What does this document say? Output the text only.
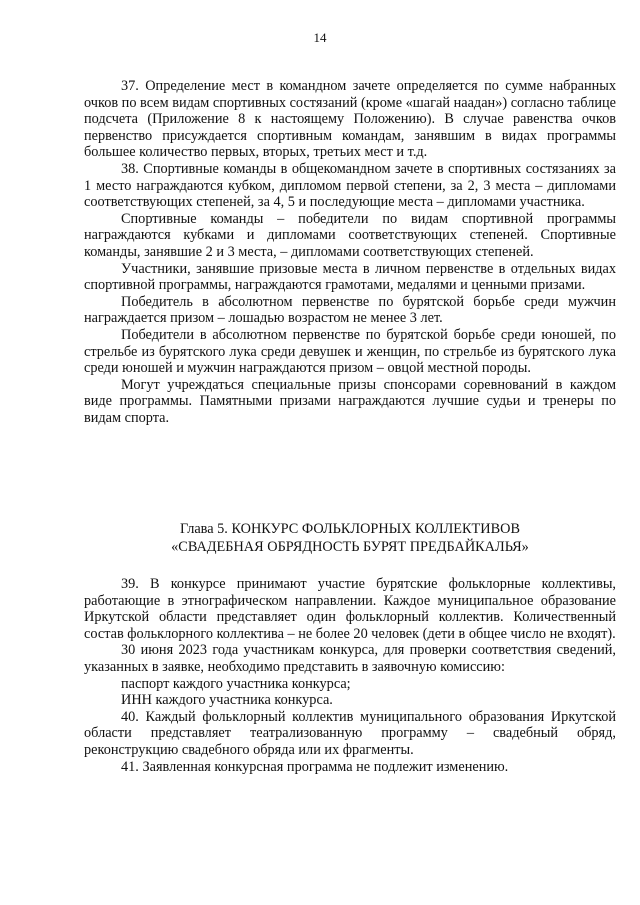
14

37. Определение мест в командном зачете определяется по сумме набранных очков по всем видам спортивных состязаний (кроме «шагай наадан») согласно таблице подсчета (Приложение 8 к настоящему Положению). В случае равенства очков первенство присуждается спортивным командам, занявшим в видах программы большее количество первых, вторых, третьих мест и т.д.

38. Спортивные команды в общекомандном зачете в спортивных состязаниях за 1 место награждаются кубком, дипломом первой степени, за 2, 3 места – дипломами соответствующих степеней, за 4, 5 и последующие места – дипломами участника.

Спортивные команды – победители по видам спортивной программы награждаются кубками и дипломами соответствующих степеней. Спортивные команды, занявшие 2 и 3 места, – дипломами соответствующих степеней.

Участники, занявшие призовые места в личном первенстве в отдельных видах спортивной программы, награждаются грамотами, медалями и ценными призами.

Победитель в абсолютном первенстве по бурятской борьбе среди мужчин награждается призом – лошадью возрастом не менее 3 лет.

Победители в абсолютном первенстве по бурятской борьбе среди юношей, по стрельбе из бурятского лука среди девушек и женщин, по стрельбе из бурятского лука среди юношей и мужчин награждаются призом – овцой местной породы.

Могут учреждаться специальные призы спонсорами соревнований в каждом виде программы. Памятными призами награждаются лучшие судьи и тренеры по видам спорта.

Глава 5. КОНКУРС ФОЛЬКЛОРНЫХ КОЛЛЕКТИВОВ

«СВАДЕБНАЯ ОБРЯДНОСТЬ БУРЯТ ПРЕДБАЙКАЛЬЯ»

39. В конкурсе принимают участие бурятские фольклорные коллективы, работающие в этнографическом направлении. Каждое муниципальное образование Иркутской области представляет один фольклорный коллектив. Количественный состав фольклорного коллектива – не более 20 человек (дети в общее число не входят).

30 июня 2023 года участникам конкурса, для проверки соответствия сведений, указанных в заявке, необходимо представить в заявочную комиссию:

паспорт каждого участника конкурса;

ИНН каждого участника конкурса.

40. Каждый фольклорный коллектив муниципального образования Иркутской области представляет театрализованную программу – свадебный обряд, реконструкцию свадебного обряда или их фрагменты.

41. Заявленная конкурсная программа не подлежит изменению.
